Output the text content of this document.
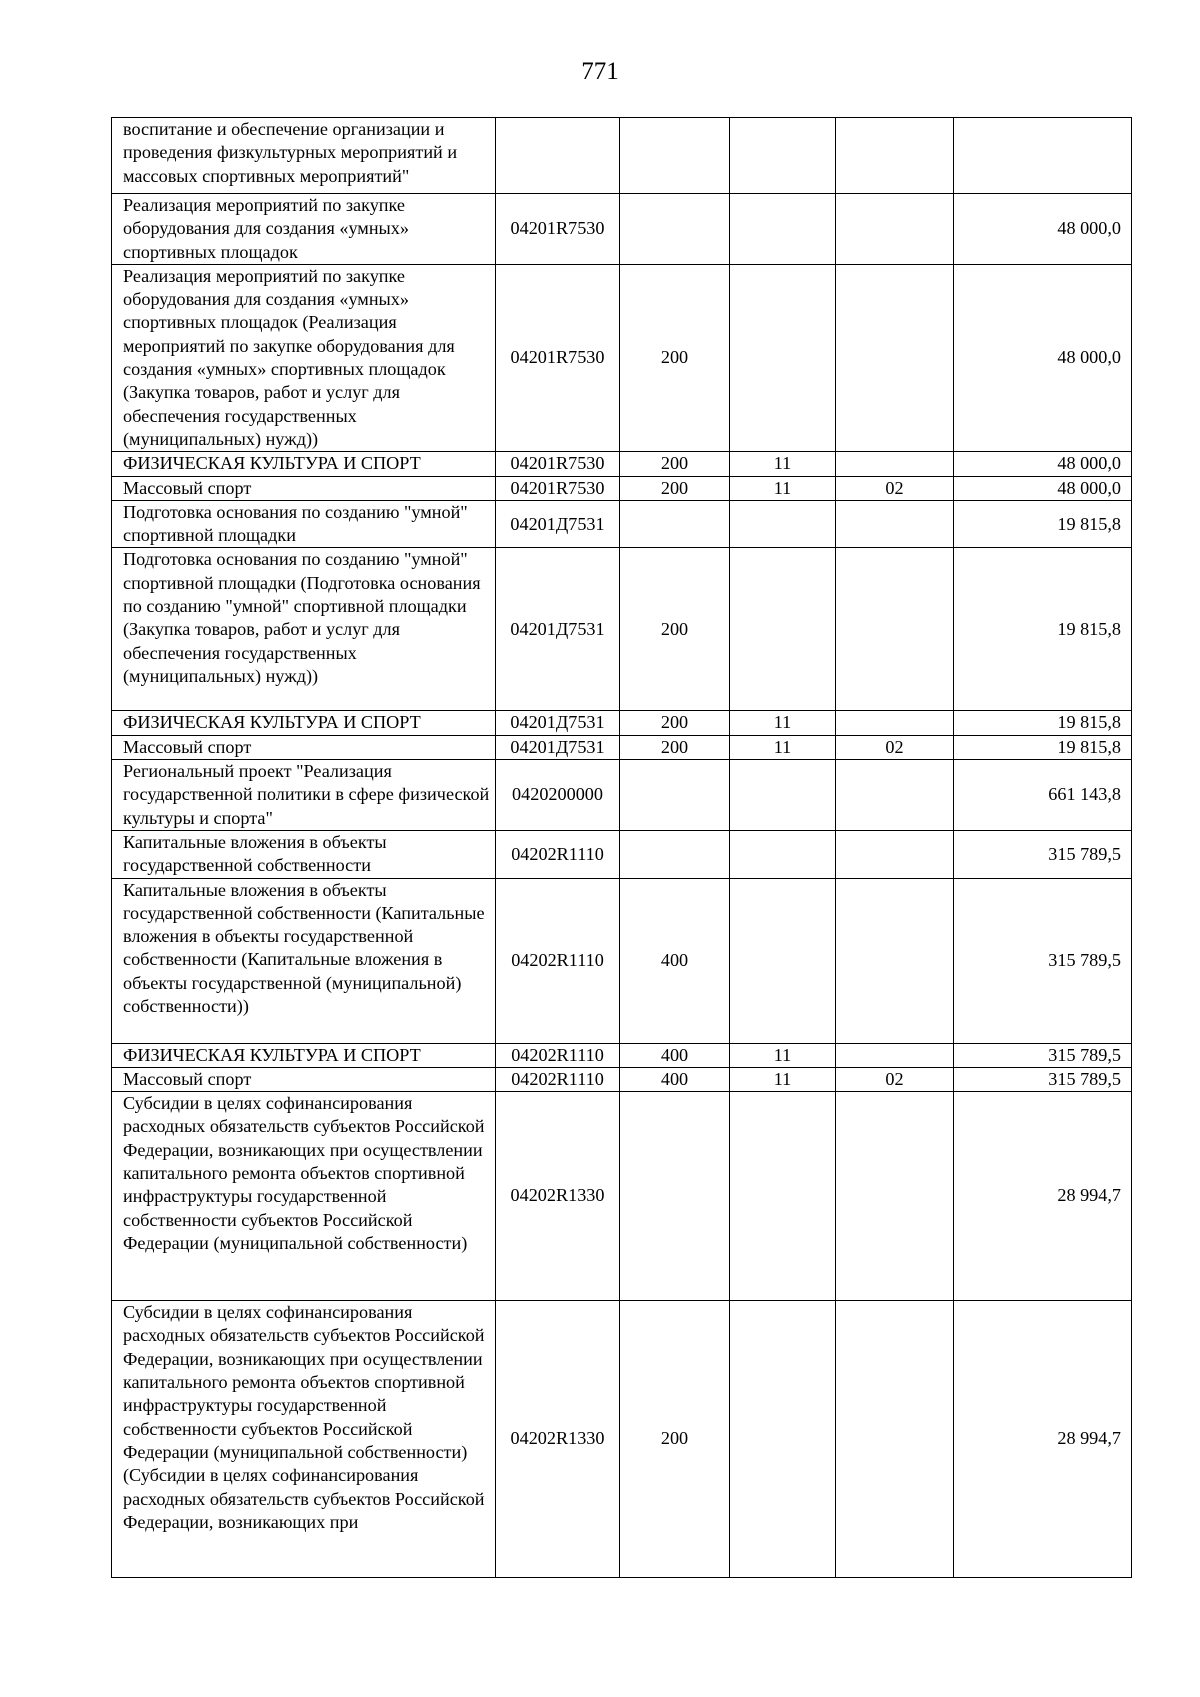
771
воспитание и обеспечение организации и проведения физкультурных мероприятий и массовых спортивных мероприятий"					
Реализация мероприятий по закупке оборудования для создания «умных» спортивных площадок	04201R7530				48 000,0
Реализация мероприятий по закупке оборудования для создания «умных» спортивных площадок (Реализация мероприятий по закупке оборудования для создания «умных» спортивных площадок (Закупка товаров, работ и услуг для обеспечения государственных (муниципальных) нужд))	04201R7530	200			48 000,0
ФИЗИЧЕСКАЯ КУЛЬТУРА И СПОРТ	04201R7530	200	11		48 000,0
Массовый спорт	04201R7530	200	11	02	48 000,0
Подготовка основания по созданию "умной" спортивной площадки	04201Д7531				19 815,8
Подготовка основания по созданию "умной" спортивной площадки (Подготовка основания по созданию "умной" спортивной площадки (Закупка товаров, работ и услуг для обеспечения государственных (муниципальных) нужд))	04201Д7531	200			19 815,8
ФИЗИЧЕСКАЯ КУЛЬТУРА И СПОРТ	04201Д7531	200	11		19 815,8
Массовый спорт	04201Д7531	200	11	02	19 815,8
Региональный проект "Реализация государственной политики в сфере физической культуры и спорта"	0420200000				661 143,8
Капитальные вложения в объекты государственной собственности	04202R1110				315 789,5
Капитальные вложения в объекты государственной собственности (Капитальные вложения в объекты государственной собственности (Капитальные вложения в объекты государственной (муниципальной) собственности))	04202R1110	400			315 789,5
ФИЗИЧЕСКАЯ КУЛЬТУРА И СПОРТ	04202R1110	400	11		315 789,5
Массовый спорт	04202R1110	400	11	02	315 789,5
Субсидии в целях софинансирования расходных обязательств субъектов Российской Федерации, возникающих при осуществлении капитального ремонта объектов спортивной инфраструктуры государственной собственности субъектов Российской Федерации (муниципальной собственности)	04202R1330				28 994,7
Субсидии в целях софинансирования расходных обязательств субъектов Российской Федерации, возникающих при осуществлении капитального ремонта объектов спортивной инфраструктуры государственной собственности субъектов Российской Федерации (муниципальной собственности) (Субсидии в целях софинансирования расходных обязательств субъектов Российской Федерации, возникающих при	04202R1330	200			28 994,7
